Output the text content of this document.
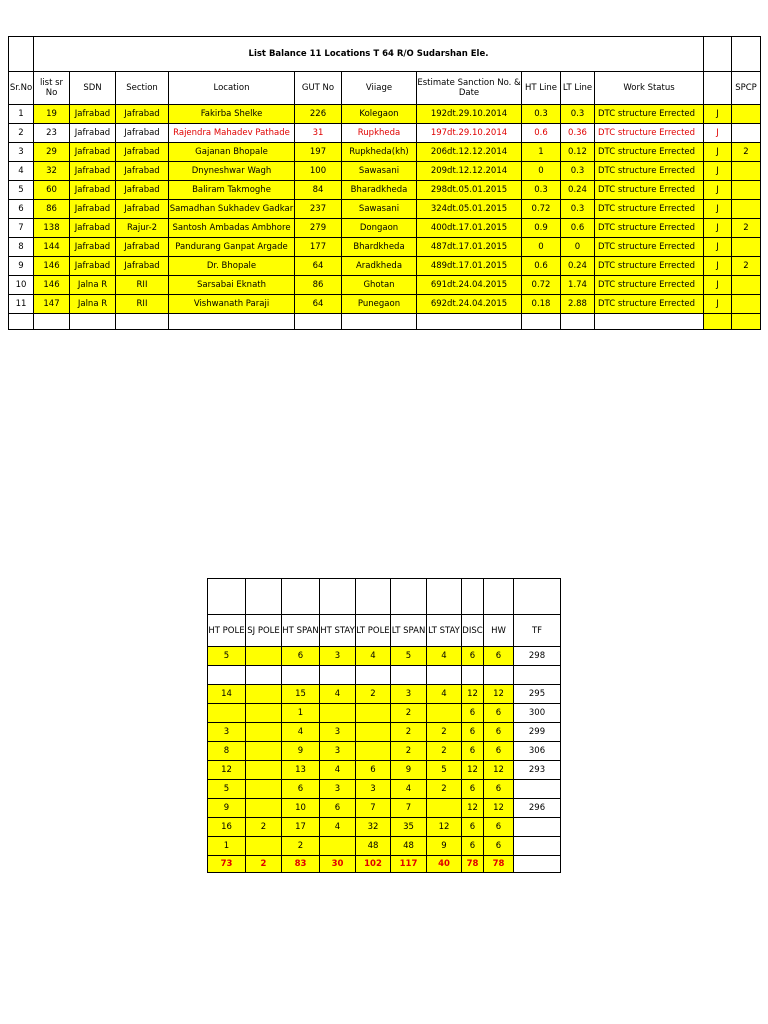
	List Balance 11 Locations T 64 R/O Sudarshan Ele.											
Sr.No	list sr No	SDN	Section	Location	GUT No	Viiage	Estimate Sanction No. & Date	HT Line	LT Line	Work Status		SPCP
1	19	Jafrabad	Jafrabad	Fakirba Shelke	226	Kolegaon	192dt.29.10.2014	0.3	0.3	DTC structure Errected	J	
2	23	Jafrabad	Jafrabad	Rajendra Mahadev Pathade	31	Rupkheda	197dt.29.10.2014	0.6	0.36	DTC structure Errected	J	
3	29	Jafrabad	Jafrabad	Gajanan Bhopale	197	Rupkheda(kh)	206dt.12.12.2014	1	0.12	DTC structure Errected	J	2
4	32	Jafrabad	Jafrabad	Dnyneshwar Wagh	100	Sawasani	209dt.12.12.2014	0	0.3	DTC structure Errected	J	
5	60	Jafrabad	Jafrabad	Baliram Takmoghe	84	Bharadkheda	298dt.05.01.2015	0.3	0.24	DTC structure Errected	J	
6	86	Jafrabad	Jafrabad	Samadhan Sukhadev Gadkar	237	Sawasani	324dt.05.01.2015	0.72	0.3	DTC structure Errected	J	
7	138	Jafrabad	Rajur-2	Santosh Ambadas Ambhore	279	Dongaon	400dt.17.01.2015	0.9	0.6	DTC structure Errected	J	2
8	144	Jafrabad	Jafrabad	Pandurang Ganpat Argade	177	Bhardkheda	487dt.17.01.2015	0	0	DTC structure Errected	J	
9	146	Jafrabad	Jafrabad	Dr. Bhopale	64	Aradkheda	489dt.17.01.2015	0.6	0.24	DTC structure Errected	J	2
10	146	Jalna R	RII	Sarsabai Eknath	86	Ghotan	691dt.24.04.2015	0.72	1.74	DTC structure Errected	J	
11	147	Jalna R	RII	Vishwanath Paraji	64	Punegaon	692dt.24.04.2015	0.18	2.88	DTC structure Errected	J	

HT POLE	SJ POLE	HT SPAN	HT STAY	LT POLE	LT SPAN	LT STAY	DISC	HW	TF
5		6	3	4	5	4	6	6	298

14		15	4	2	3	4	12	12	295
		1			2		6	6	300
3		4	3		2	2	6	6	299
8		9	3		2	2	6	6	306
12		13	4	6	9	5	12	12	293
5		6	3	3	4	2	6	6	
9		10	6	7	7		12	12	296
16	2	17	4	32	35	12	6	6	
1		2		48	48	9	6	6	
73	2	83	30	102	117	40	78	78	
